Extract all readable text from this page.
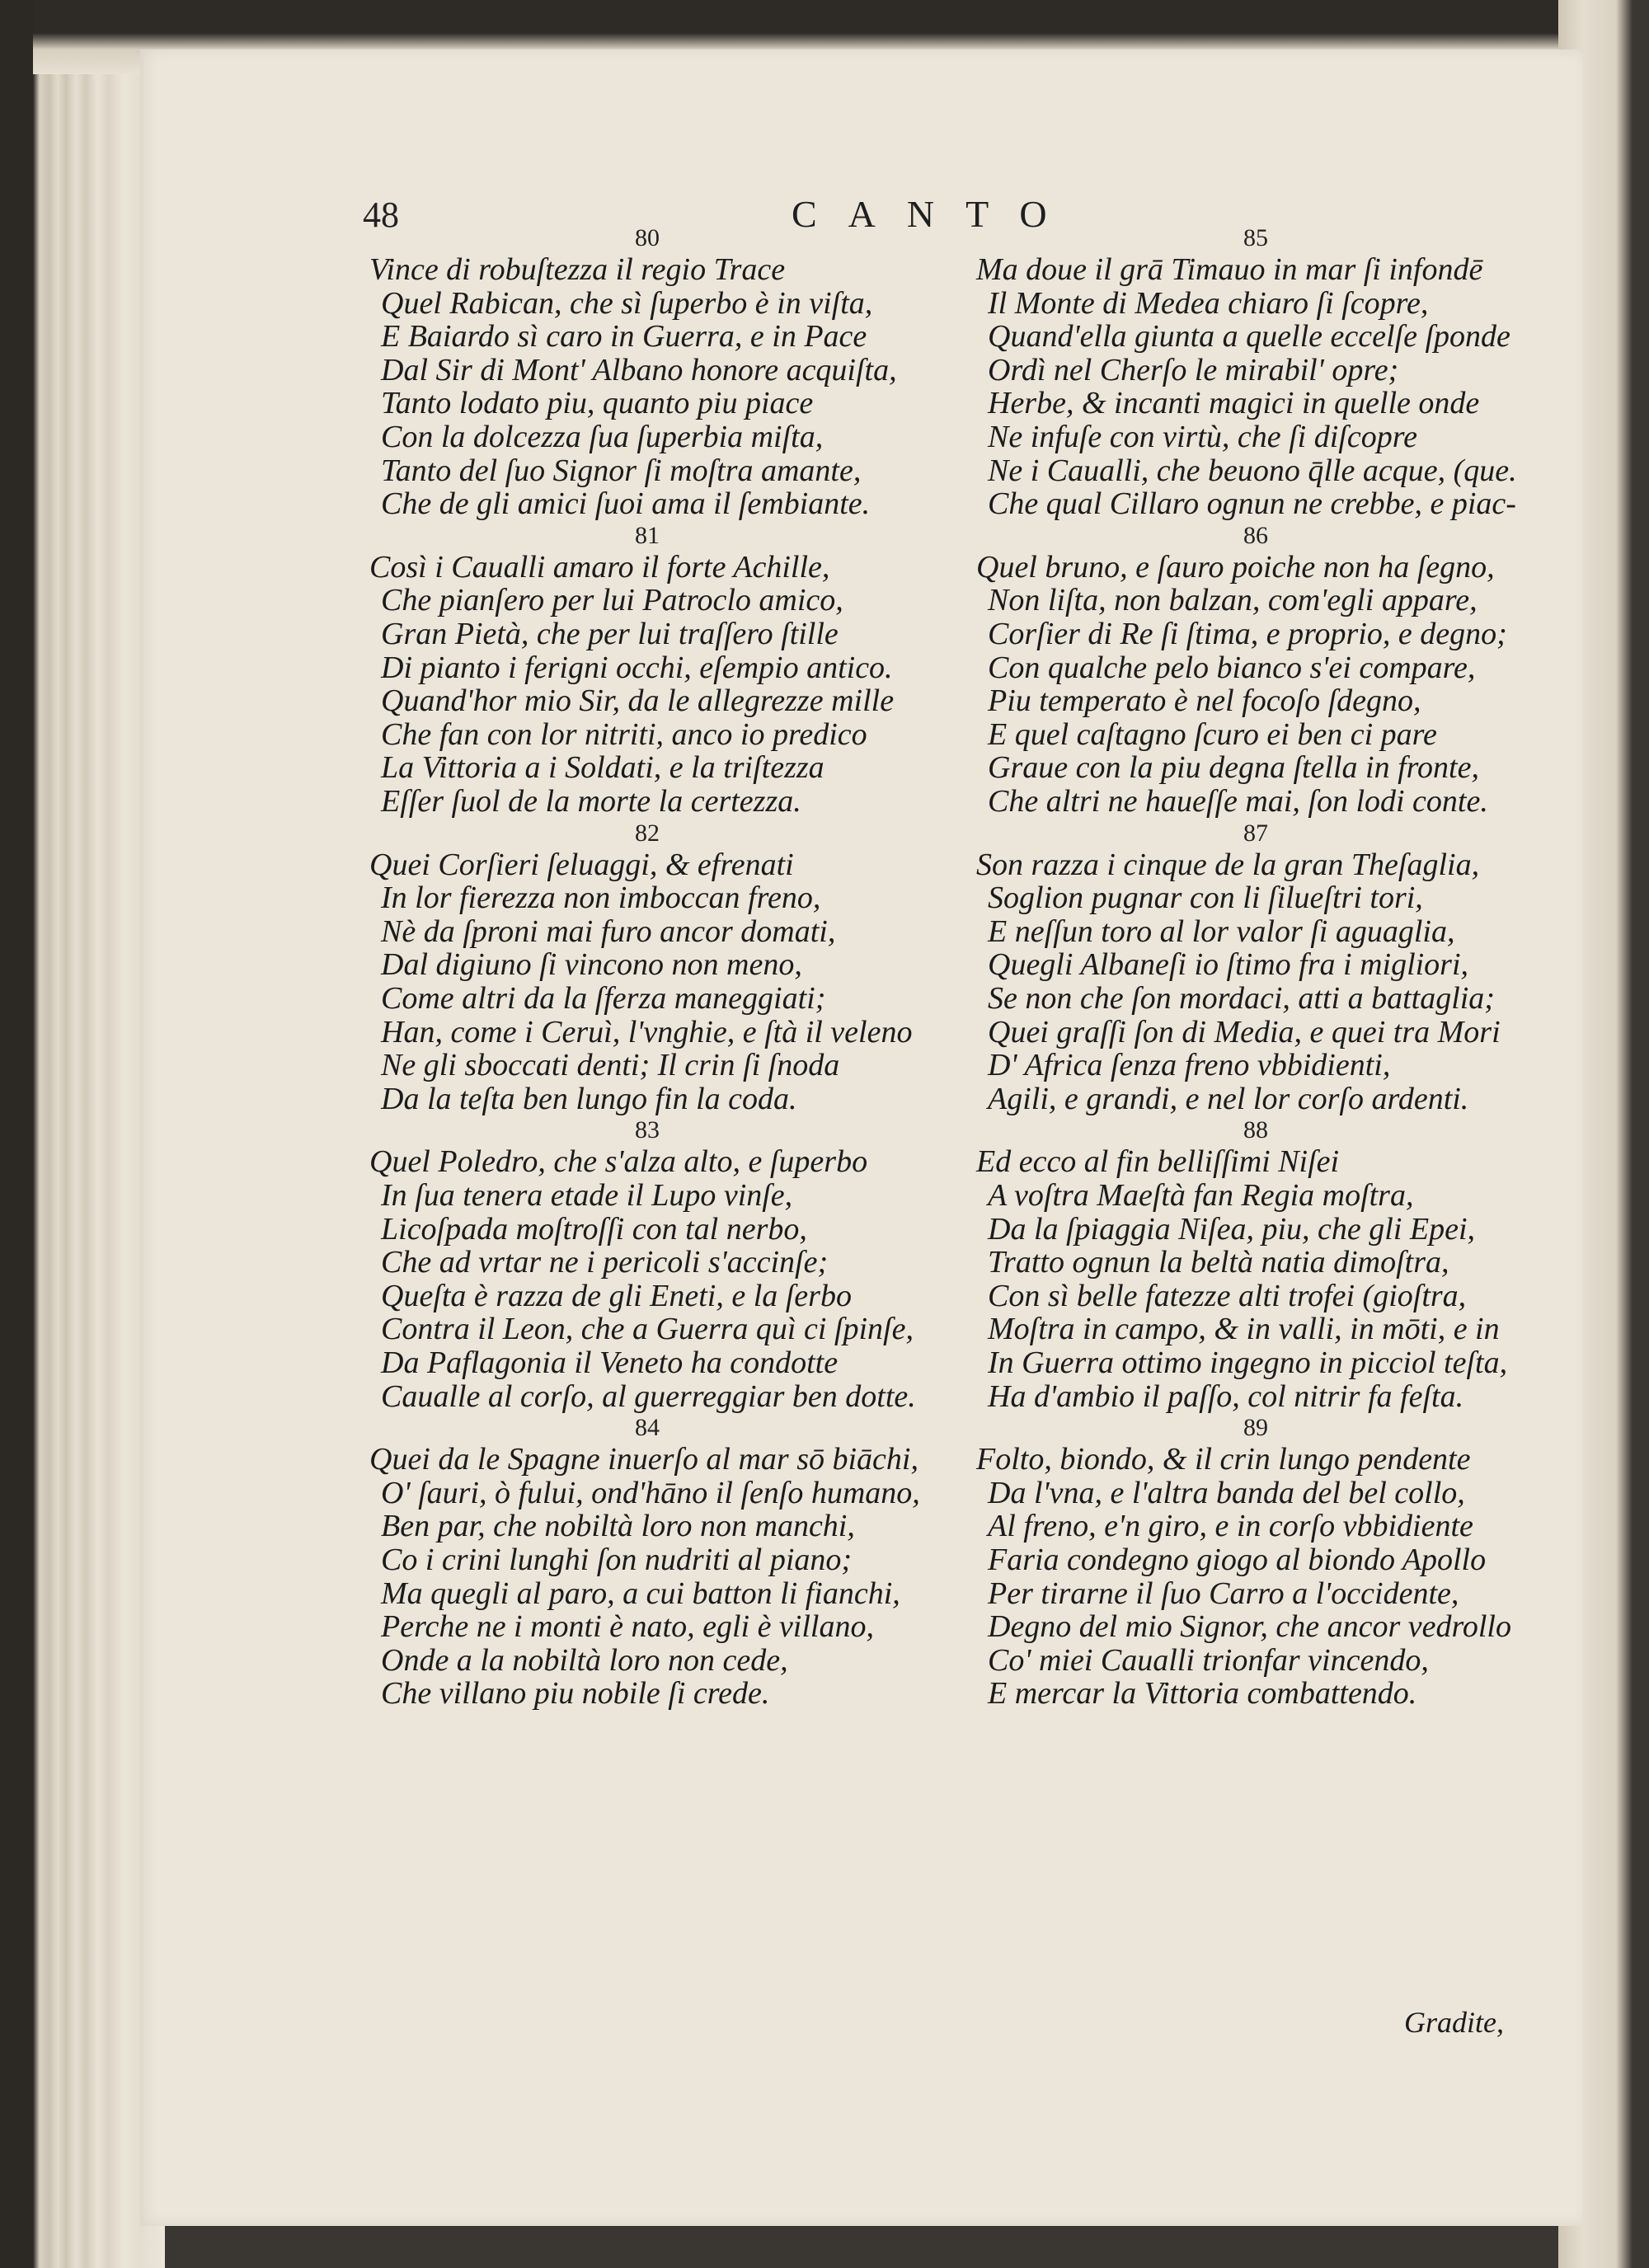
48	CANTO
80
Vince di robuſtezza il regio Trace
Quel Rabican, che sì ſuperbo è in viſta,
E Baiardo sì caro in Guerra, e in Pace
Dal Sir di Mont' Albano honore acquiſta,
Tanto lodato piu, quanto piu piace
Con la dolcezza ſua ſuperbia miſta,
Tanto del ſuo Signor ſi moſtra amante,
Che de gli amici ſuoi ama il ſembiante.
81
Così i Caualli amaro il forte Achille,
Che pianſero per lui Patroclo amico,
Gran Pietà, che per lui traſſero ſtille
Di pianto i ferigni occhi, eſempio antico.
Quand'hor mio Sir, da le allegrezze mille
Che fan con lor nitriti, anco io predico
La Vittoria a i Soldati, e la triſtezza
Eſſer ſuol de la morte la certezza.
82
Quei Corſieri ſeluaggi, & efrenati
In lor fierezza non imboccan freno,
Nè da ſproni mai furo ancor domati,
Dal digiuno ſi vincono non meno,
Come altri da la ſferza maneggiati;
Han, come i Ceruì, l'vnghie, e ſtà il veleno
Ne gli sboccati denti; Il crin ſi ſnoda
Da la teſta ben lungo fin la coda.
83
Quel Poledro, che s'alza alto, e ſuperbo
In ſua tenera etade il Lupo vinſe,
Licoſpada moſtroſſi con tal nerbo,
Che ad vrtar ne i pericoli s'accinſe;
Queſta è razza de gli Eneti, e la ſerbo
Contra il Leon, che a Guerra quì ci ſpinſe,
Da Paflagonia il Veneto ha condotte
Caualle al corſo, al guerreggiar ben dotte.
84
Quei da le Spagne inuerſo al mar sō biāchi,
O' ſauri, ò fului, ond'hāno il ſenſo humano,
Ben par, che nobiltà loro non manchi,
Co i crini lunghi ſon nudriti al piano;
Ma quegli al paro, a cui batton li fianchi,
Perche ne i monti è nato, egli è villano,
Onde a la nobiltà loro non cede,
Che villano piu nobile ſi crede.
85
Ma doue il grā Timauo in mar ſi infondē
Il Monte di Medea chiaro ſi ſcopre,
Quand'ella giunta a quelle eccelſe ſponde
Ordì nel Cherſo le mirabil' opre;
Herbe, & incanti magici in quelle onde
Ne infuſe con virtù, che ſi diſcopre
Ne i Caualli, che beuono q̄lle acque, (que.
Che qual Cillaro ognun ne crebbe, e piac-
86
Quel bruno, e ſauro poiche non ha ſegno,
Non liſta, non balzan, com'egli appare,
Corſier di Re ſi ſtima, e proprio, e degno;
Con qualche pelo bianco s'ei compare,
Piu temperato è nel focoſo ſdegno,
E quel caſtagno ſcuro ei ben ci pare
Graue con la piu degna ſtella in fronte,
Che altri ne haueſſe mai, ſon lodi conte.
87
Son razza i cinque de la gran Theſaglia,
Soglion pugnar con li ſilueſtri tori,
E neſſun toro al lor valor ſi aguaglia,
Quegli Albaneſi io ſtimo fra i migliori,
Se non che ſon mordaci, atti a battaglia;
Quei graſſi ſon di Media, e quei tra Mori
D' Africa ſenza freno vbbidienti,
Agili, e grandi, e nel lor corſo ardenti.
88
Ed ecco al fin belliſſimi Niſei
A voſtra Maeſtà fan Regia moſtra,
Da la ſpiaggia Niſea, piu, che gli Epei,
Tratto ognun la beltà natia dimoſtra,
Con sì belle fatezze alti trofei (gioſtra,
Moſtra in campo, & in valli, in mōti, e in
In Guerra ottimo ingegno in picciol teſta,
Ha d'ambio il paſſo, col nitrir fa feſta.
89
Folto, biondo, & il crin lungo pendente
Da l'vna, e l'altra banda del bel collo,
Al freno, e'n giro, e in corſo vbbidiente
Faria condegno giogo al biondo Apollo
Per tirarne il ſuo Carro a l'occidente,
Degno del mio Signor, che ancor vedrollo
Co' miei Caualli trionfar vincendo,
E mercar la Vittoria combattendo.
Gradite,
